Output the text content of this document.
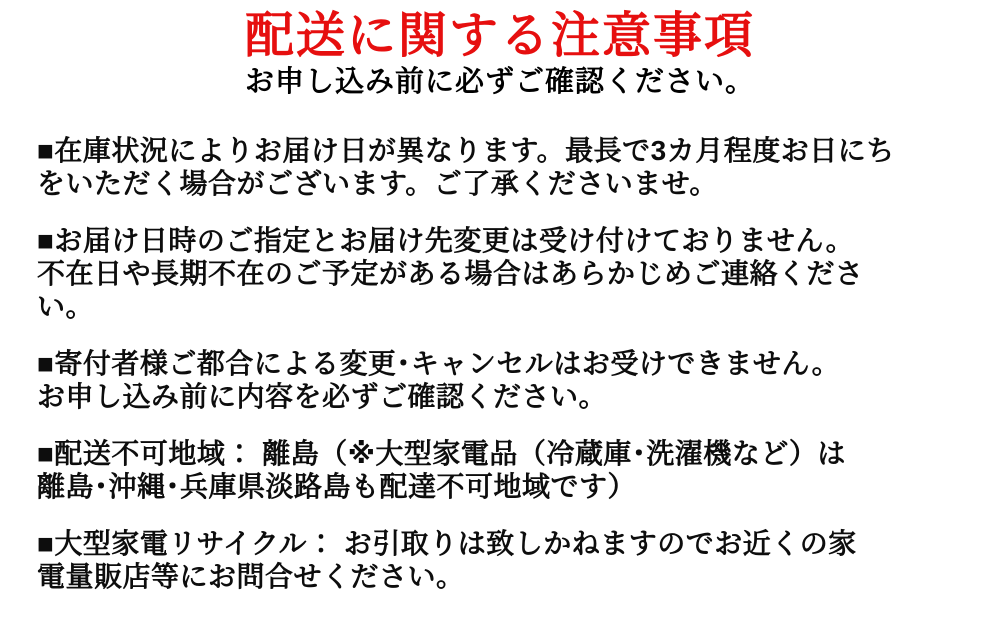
配送に関する注意事項
お申し込み前に必ずご確認ください。
■在庫状況によりお届け日が異なります。最長で3カ月程度お日にち
をいただく場合がございます。ご了承くださいませ。
■お届け日時のご指定とお届け先変更は受け付けておりません。
不在日や長期不在のご予定がある場合はあらかじめご連絡くださ
い。
■寄付者様ご都合による変更･キャンセルはお受けできません。
お申し込み前に内容を必ずご確認ください。
■配送不可地域： 離島（※大型家電品（冷蔵庫･洗濯機など）は
離島･沖縄･兵庫県淡路島も配達不可地域です）
■大型家電リサイクル： お引取りは致しかねますのでお近くの家
電量販店等にお問合せください。
